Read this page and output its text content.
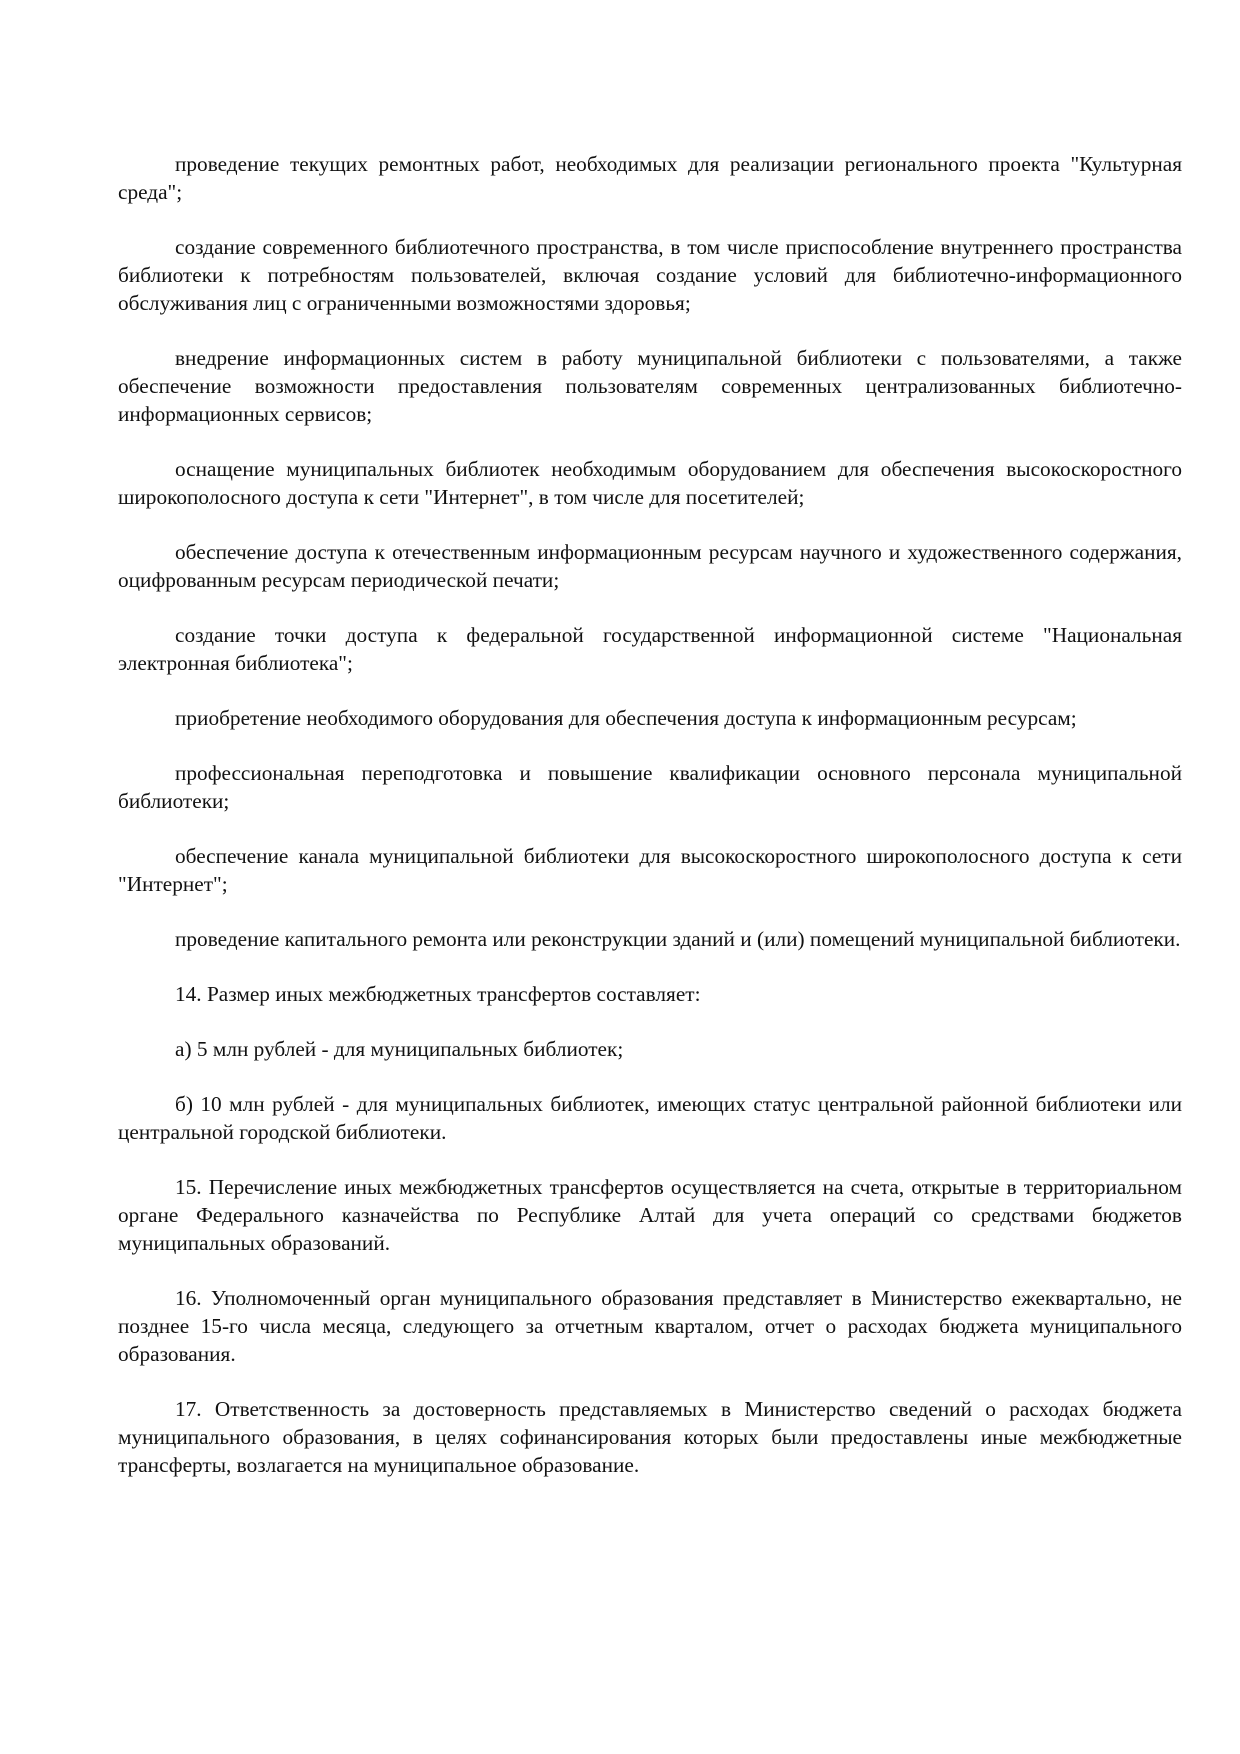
проведение текущих ремонтных работ, необходимых для реализации регионального проекта "Культурная среда";

создание современного библиотечного пространства, в том числе приспособление внутреннего пространства библиотеки к потребностям пользователей, включая создание условий для библиотечно-информационного обслуживания лиц с ограниченными возможностями здоровья;

внедрение информационных систем в работу муниципальной библиотеки с пользователями, а также обеспечение возможности предоставления пользователям современных централизованных библиотечно-информационных сервисов;

оснащение муниципальных библиотек необходимым оборудованием для обеспечения высокоскоростного широкополосного доступа к сети "Интернет", в том числе для посетителей;

обеспечение доступа к отечественным информационным ресурсам научного и художественного содержания, оцифрованным ресурсам периодической печати;

создание точки доступа к федеральной государственной информационной системе "Национальная электронная библиотека";

приобретение необходимого оборудования для обеспечения доступа к информационным ресурсам;

профессиональная переподготовка и повышение квалификации основного персонала муниципальной библиотеки;

обеспечение канала муниципальной библиотеки для высокоскоростного широкополосного доступа к сети "Интернет";

проведение капитального ремонта или реконструкции зданий и (или) помещений муниципальной библиотеки.

14. Размер иных межбюджетных трансфертов составляет:

а) 5 млн рублей - для муниципальных библиотек;

б) 10 млн рублей - для муниципальных библиотек, имеющих статус центральной районной библиотеки или центральной городской библиотеки.

15. Перечисление иных межбюджетных трансфертов осуществляется на счета, открытые в территориальном органе Федерального казначейства по Республике Алтай для учета операций со средствами бюджетов муниципальных образований.

16. Уполномоченный орган муниципального образования представляет в Министерство ежеквартально, не позднее 15-го числа месяца, следующего за отчетным кварталом, отчет о расходах бюджета муниципального образования.

17. Ответственность за достоверность представляемых в Министерство сведений о расходах бюджета муниципального образования, в целях софинансирования которых были предоставлены иные межбюджетные трансферты, возлагается на муниципальное образование.
